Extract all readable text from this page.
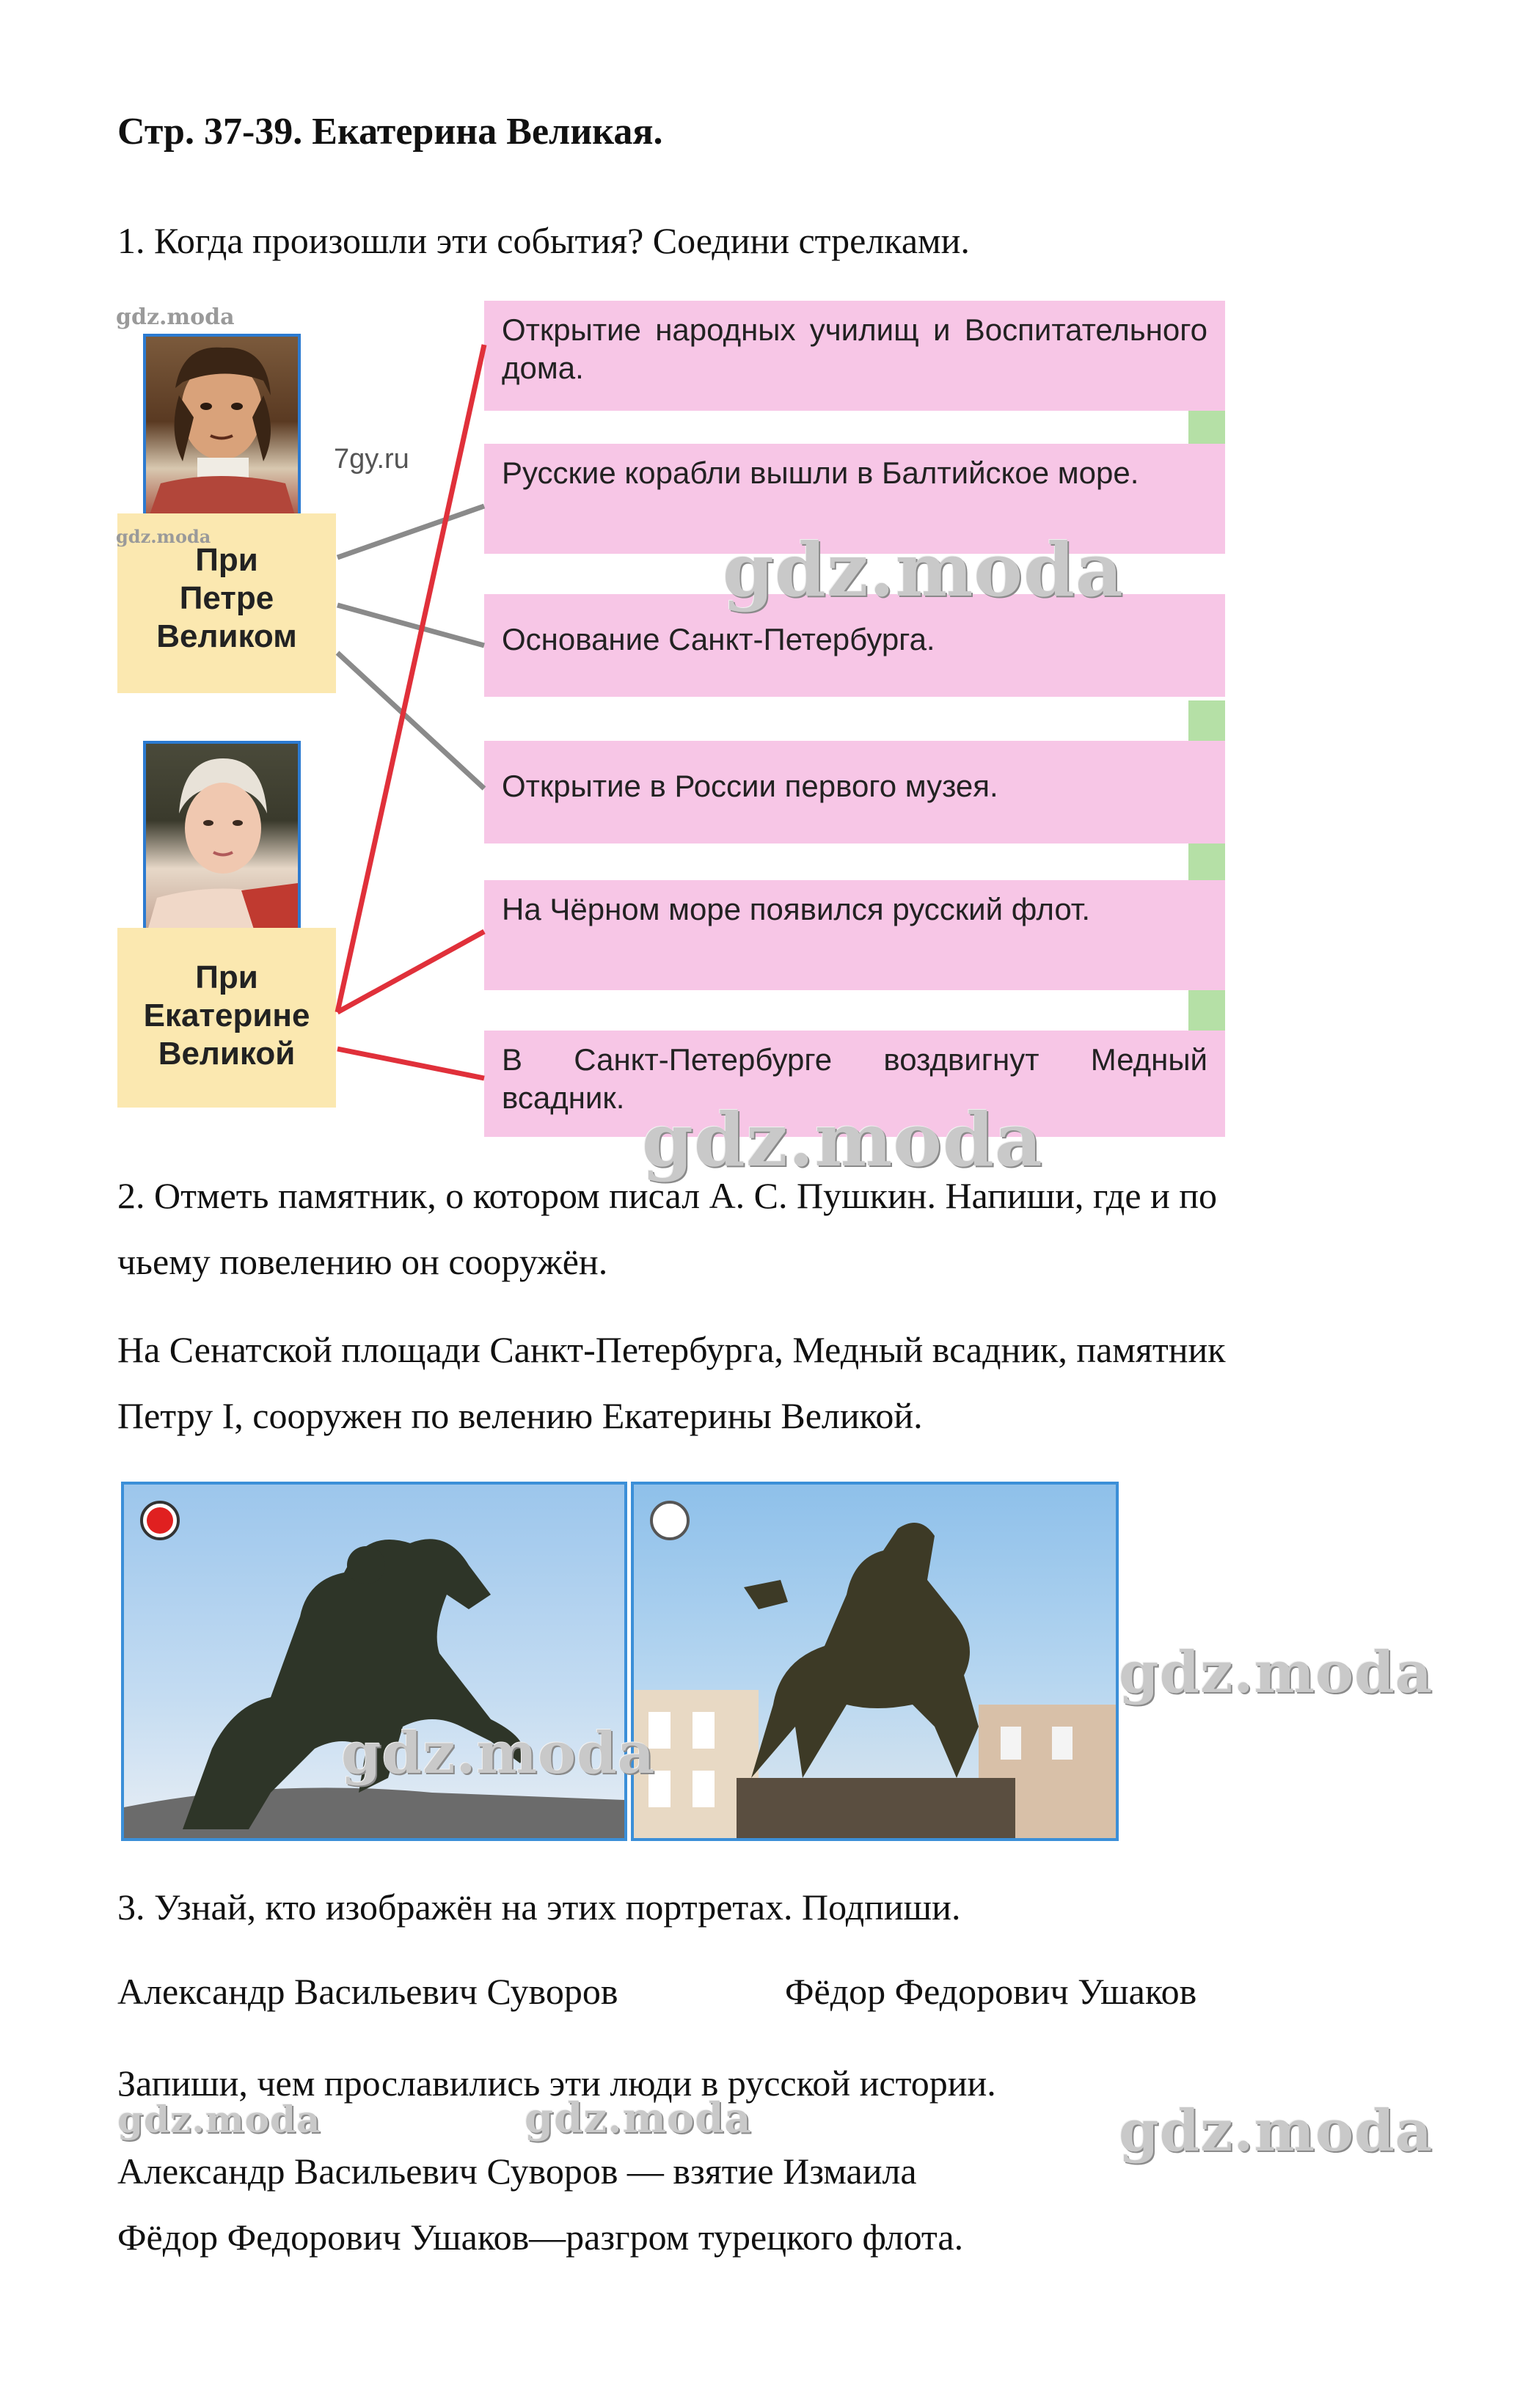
Стр. 37-39. Екатерина Великая.
1. Когда произошли эти события? Соедини стрелками.
Открытие народных училищ и Воспитательного дома.
Русские корабли вышли в Балтийское море.
Основание Санкт-Петербурга.
Открытие в России первого музея.
На Чёрном море появился русский флот.
В Санкт-Петербурге воздвигнут Медный всадник.
При
Петре
Великом
При
Екатерине
Великой
7gy.ru
2. Отметь памятник, о котором писал А. С. Пушкин. Напиши, где и по
чьему повелению он сооружён.
На Сенатской площади Санкт-Петербурга, Медный всадник, памятник
Петру I, сооружен по велению Екатерины Великой.
3. Узнай, кто изображён на этих портретах. Подпиши.
Александр Васильевич Суворов	Фёдор Федорович Ушаков
Запиши, чем прославились эти люди в русской истории.
Александр Васильевич Суворов — взятие Измаила
Фёдор Федорович Ушаков—разгром турецкого флота.
gdz.moda
gdz.moda	gdz.moda
gdz.moda
gdz.moda
gdz.moda
gdz.moda	gdz.moda	gdz.moda
